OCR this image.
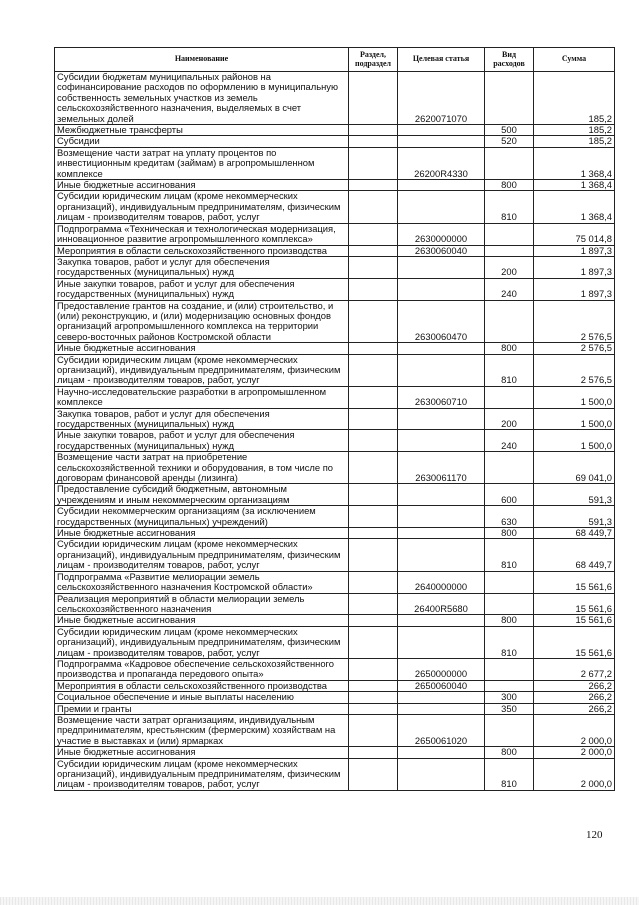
Наименование	Раздел, подраздел	Целевая статья	Вид расходов	Сумма
Субсидии бюджетам муниципальных районов на софинансирование расходов по оформлению в муниципальную собственность земельных участков из земель сельскохозяйственного назначения, выделяемых в счет земельных долей		2620071070		185,2
Межбюджетные трансферты			500	185,2
Субсидии			520	185,2
Возмещение части затрат на уплату процентов по инвестиционным кредитам (займам) в агропромышленном комплексе		26200R4330		1 368,4
Иные бюджетные ассигнования			800	1 368,4
Субсидии юридическим лицам (кроме некоммерческих организаций), индивидуальным предпринимателям, физическим лицам - производителям товаров, работ, услуг			810	1 368,4
Подпрограмма «Техническая и технологическая модернизация, инновационное развитие агропромышленного комплекса»		2630000000		75 014,8
Мероприятия в области сельскохозяйственного производства		2630060040		1 897,3
Закупка товаров, работ и услуг для обеспечения государственных (муниципальных) нужд			200	1 897,3
Иные закупки товаров, работ и услуг для обеспечения государственных (муниципальных) нужд			240	1 897,3
Предоставление грантов на создание, и (или) строительство, и (или) реконструкцию, и (или) модернизацию основных фондов организаций агропромышленного комплекса на территории северо-восточных районов Костромской области		2630060470		2 576,5
Иные бюджетные ассигнования			800	2 576,5
Субсидии юридическим лицам (кроме некоммерческих организаций), индивидуальным предпринимателям, физическим лицам - производителям товаров, работ, услуг			810	2 576,5
Научно-исследовательские разработки в агропромышленном комплексе		2630060710		1 500,0
Закупка товаров, работ и услуг для обеспечения государственных (муниципальных) нужд			200	1 500,0
Иные закупки товаров, работ и услуг для обеспечения государственных (муниципальных) нужд			240	1 500,0
Возмещение части затрат на приобретение сельскохозяйственной техники и оборудования, в том числе по договорам финансовой аренды (лизинга)		2630061170		69 041,0
Предоставление субсидий бюджетным, автономным учреждениям и иным некоммерческим организациям			600	591,3
Субсидии некоммерческим организациям (за исключением государственных (муниципальных) учреждений)			630	591,3
Иные бюджетные ассигнования			800	68 449,7
Субсидии юридическим лицам (кроме некоммерческих организаций), индивидуальным предпринимателям, физическим лицам - производителям товаров, работ, услуг			810	68 449,7
Подпрограмма «Развитие мелиорации земель сельскохозяйственного назначения Костромской области»		2640000000		15 561,6
Реализация мероприятий в области мелиорации земель сельскохозяйственного назначения		26400R5680		15 561,6
Иные бюджетные ассигнования			800	15 561,6
Субсидии юридическим лицам (кроме некоммерческих организаций), индивидуальным предпринимателям, физическим лицам - производителям товаров, работ, услуг			810	15 561,6
Подпрограмма «Кадровое обеспечение сельскохозяйственного производства и пропаганда передового опыта»		2650000000		2 677,2
Мероприятия в области сельскохозяйственного производства		2650060040		266,2
Социальное обеспечение и иные выплаты населению			300	266,2
Премии и гранты			350	266,2
Возмещение части затрат организациям, индивидуальным предпринимателям, крестьянским (фермерским) хозяйствам на участие в выставках и (или) ярмарках		2650061020		2 000,0
Иные бюджетные ассигнования			800	2 000,0
Субсидии юридическим лицам (кроме некоммерческих организаций), индивидуальным предпринимателям, физическим лицам - производителям товаров, работ, услуг			810	2 000,0
120
